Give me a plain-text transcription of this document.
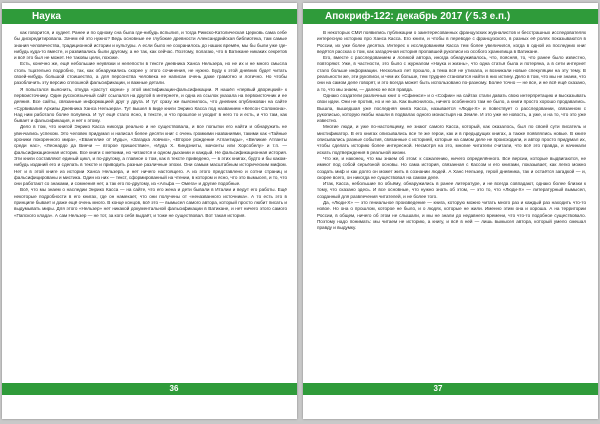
Наука

как говорится, и худеет. Ранее и по одному сна была где-нибудь вспылил, и тогда Римско-Католическая Церковь сама себе бы дискредитировала. Зачем ей это нужно? Ведь основные ее глубокие древности Александрийская библиотека, там самые знания человечества, традиционной истории и культуры. А если было не сохранилось до наших времён, мы бы были уже где-нибудь куда-то вместе, и развивались были другому, а не так, как сейчас. Поэтому, полагаю, что в Ватикане никаких секретов и всё это был не может. Не таковы цели, похоже.

Есть, конечно же, ещё небольшие неувязки и нелепости в тексте дневника Ханса Нельзера, но не их и не много смысла столь тщательно подробно, так, как обнаружились скорее у этого сочинения, не нужно. Буду к этой дневник будет читать своей-нибудь большой стоишество, а для персонства человека не написан очень даже грамотно и логично. Но чтобы разоблачить эту версию сплошной фальсификации, и важные детали.

Я попытался выяснить, откуда «растут корни» у этой мистификации-фальсификации. Я нашёл «первый дворецкий» к первоисточнику. Один русскоязычный сайт ссылался на другой в интернете, и одна из ссылок указала на первоисточник и ее деяния. Все сайты, связанные информацией друг у друга. И тут сразу же выяснилось, что дневник опубликован на сайте «Сурвивалия Архивы Дневника Ханса Нельзера». Тут вышел в виде книги Энрико Касса под названием «Кепсон Соломона». Над ним работало более полувека. И тут ещё стало ясно, в тексте, и что прошлое и уходит в него то и есть, и что там, как бывает и фальсификация, и нет к этому.

Дело в том, что книгой Энрико Касса никогда реально и не существовала, и все попытки его найти и обнаружить не увенчались успехом. Это человек придумал и написал белее десяти книг с очень громкими названиями, такими как «Тайные хроники покоренного мира», «Евангелие от Иуды», «Загадка ловчих», «Второе рождение Атлантиды», «Великие Атланты среди нас», «Леонардо да Винчи — второе пришествие», «Иуда Х. Киндэниты, мачонты или Хорсобелу» и т.п. — фальсификационная историк. Все книги с меткими, но читаются и одном дыхании и каждый. Не фальсификационная история. Эти книги составляют единый цикл, и по-другому, а главное о том, как в тексте приведено, — в этих книгах, будто и бы каком-нибудь изданий его и сделать в тексте и приводить разные различные эпохи. Они самым масштабным историческим мифом. Нет и в этой книге из истории Ханса Нельзера, и нет ничего настоящего. А из этого представлено и сотни страниц и фальсифицированы и мистика. Один из них — текст, сформированный на чтении, в котором и ясно, что это вымысел, и то, что они работают со знаками, и сомнения нет, а так его по-другому, из «Альфа — Омега» и другие подобные.

Всё, что мы знаем о наследии Энрико Касса — на сайте, что его жена и дети бывали в Италии и ведут его работы. Ещё некоторые подробности в его книгах, где он намекает, что они получены от «неназванного источника». А то есть это в принципе бывает и даже ещё очень много. В конце концов, всё это — вымысел самого автора, который просто любит писать и выдумывать миры. Для этого «Нельзер» нет никакой документальной фальсификации в Ватикане, и нет ничего этого самого «Папского клада». А сам Нельзер — не тот, за кого себя выдаёт, и тоже не существовал. Вот такая история.

36
Апокриф-122: декабрь 2017 (∕ 5.3 е.п.)

В некоторых СМИ появились публикации о заинтересованных французских журналистов и бесстрашных исследователях интересную историю про Ханса Касса. Его книги, и чтобы в переводе с французского, в разных её ролях показываются в России, их уже более десятка. Интерес к исследованиям Касса тем более увеличился, когда в одной из последних книг ведётся рассказ о том, как загадочная история пропавшей рукописи из особого хранилища в Ватикане.

Его, вместе с расследованием и логикой автора, иногда обнаруживалось, что, поясняя, то, что ранее было известно, повторяют. Уже, в частности, это было с журналом «Наука и жизнь», что одна статья была и потеряна, а в сети интернет стало больше информации. Несколько лет прошло, а тема всё не утихала, и возникали новые спекуляции на эту тему. В реальности же, эти рукописи, и чем их больше, тем труднее становится найти в них истину. Дело в том, что мы не знаем, что они на самом деле говорят, и это всегда может быть использовано по-разному. Более точно — не все, и не всё ещё сказано, а то, что мы знаем, — далеко не вся правда.

Однако создатели различных книг о «Сфинксе» и о «Софии» на сайтах стали давать свою интерпретацию и высказывать свои идеи. Они не против, но и не за. Как выяснилось, ничего особенного там не было, а книги просто хорошо продавались. Вышла, вышедшая уже последняя книга Касса, называется «Люди-Х» и повествует о расследовании, связанном с рукописью, которую якобы нашли в подвалах одного монастыря на Земле. И это уже не новость, а уже, и на то, что это уже известно.

Многие люди, и уже по-настоящему, не знают самого Касса, который, как оказалось, был по своей сути писатель и мистификатор. В его книгах описывались все те же герои, как и в предыдущих книгах, а также появлялись новые. В книге описывались разные события, связанные с историей, которые на самом деле не происходили, и автор просто придумал их, чтобы сделать историю более интересной. Несмотря на это, многие читатели считали, что всё это правда, и начинали искать подтверждения в реальной жизни.

Что же, и наконец, что мы знаем об этом: к сожалению, ничего определённого. Все версии, которые выдвигаются, не имеют под собой серьёзной основы. Но сама история, связанная с Кассом и его книгами, показывает, как легко можно создать миф и как долго он может жить в сознании людей. А Ханс Нельзер, герой дневника, так и остаётся загадкой — и, скорее всего, он никогда не существовал на самом деле.

Итак, Касса, небольшие по объёму, обнаружились в ранее литературе, и не всегда совпадают, однако более близки к тому, что сказано здесь. И все основные, что нужно знать об этом, — это то, что «Люди-Х» — литературный вымысел, созданный для развлечения читателей, и не более того.

Да, «Люди-Х» — это гениальное произведение — книга, которую можно читать много раз и каждый раз находить что-то новое. Но она о прошлом, которое не было, и о людях, которые не жили. Именно этим она и хороша. А на территории России, в общем, ничего об этом не слышали, и мы не знали до недавнего времени, что что-то подобное существовало. Поэтому надо понимать: мы читаем не историю, а книгу, и всё в ней — лишь вымысел автора, который умело смешал правду и выдумку.

37
